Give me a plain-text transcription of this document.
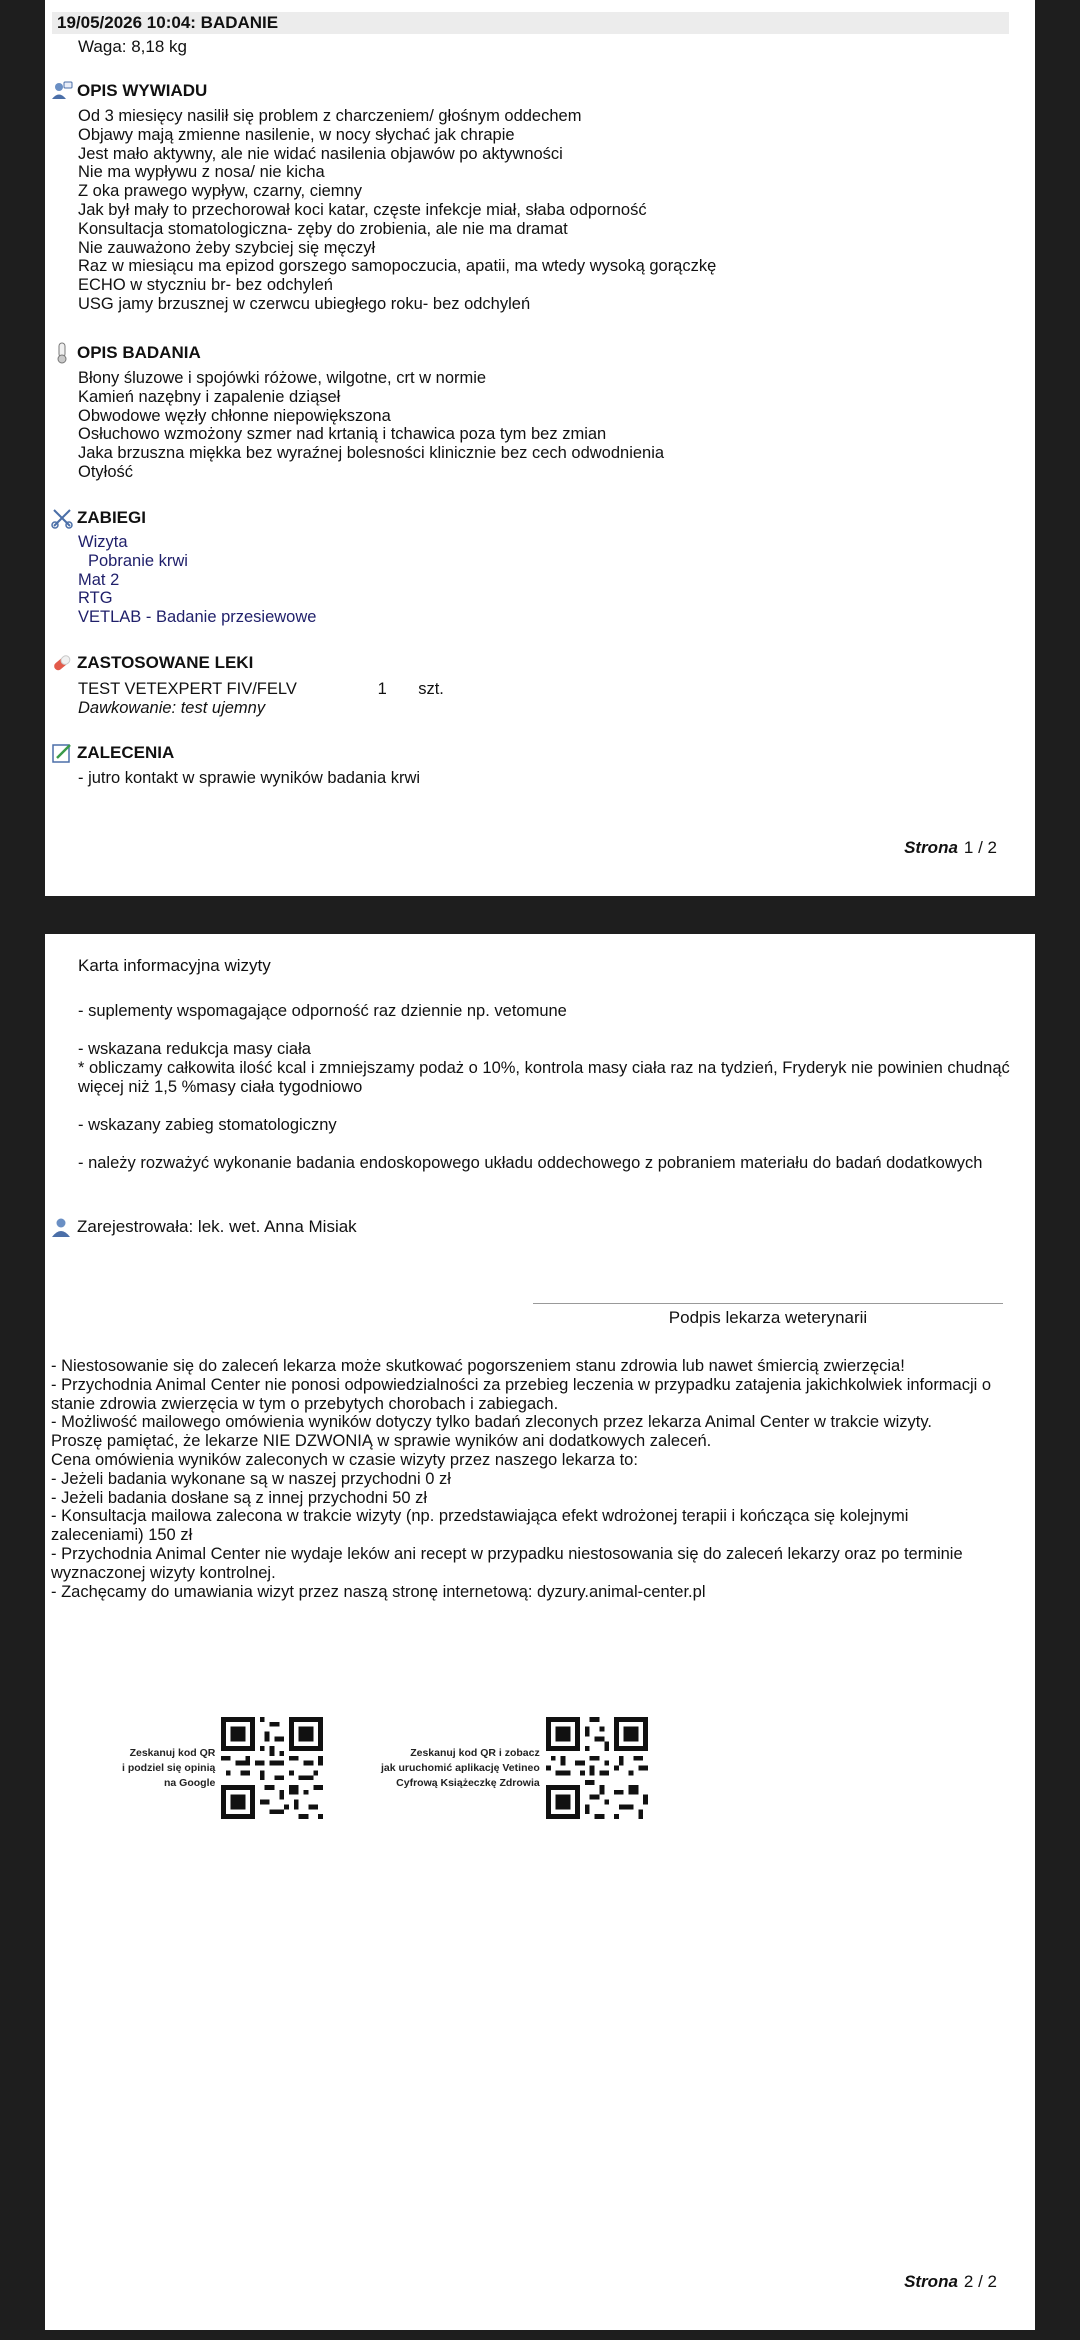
19/05/2026 10:04: BADANIE
Waga: 8,18 kg
OPIS WYWIADU
Od 3 miesięcy nasilił się problem z charczeniem/ głośnym oddechem
Objawy mają zmienne nasilenie, w nocy słychać jak chrapie
Jest mało aktywny, ale nie widać nasilenia objawów po aktywności
Nie ma wypływu z nosa/ nie kicha
Z oka prawego wypływ, czarny, ciemny
Jak był mały to przechorował koci katar, częste infekcje miał, słaba odporność
Konsultacja stomatologiczna- zęby do zrobienia, ale nie ma dramat
Nie zauważono żeby szybciej się męczył
Raz w miesiącu ma epizod gorszego samopoczucia, apatii, ma wtedy wysoką gorączkę
ECHO w styczniu br- bez odchyleń
USG jamy brzusznej w czerwcu ubiegłego roku- bez odchyleń
OPIS BADANIA
Błony śluzowe i spojówki różowe, wilgotne, crt w normie
Kamień nazębny i zapalenie dziąseł
Obwodowe węzły chłonne niepowiększona
Osłuchowo wzmożony szmer nad krtanią i tchawica poza tym bez zmian
Jaka brzuszna miękka bez wyraźnej bolesności klinicznie bez cech odwodnienia
Otyłość
ZABIEGI
Wizyta
Pobranie krwi
Mat 2
RTG
VETLAB - Badanie przesiewowe
ZASTOSOWANE LEKI
TEST VETEXPERT FIV/FELV	1 szt.
Dawkowanie: test ujemny
ZALECENIA
- jutro kontakt w sprawie wyników badania krwi
Strona 1 / 2
Karta informacyjna wizyty
- suplementy wspomagające odporność raz dziennie np. vetomune
- wskazana redukcja masy ciała
* obliczamy całkowita ilość kcal i zmniejszamy podaż o 10%, kontrola masy ciała raz na tydzień, Fryderyk nie powinien chudnąć więcej niż 1,5 %masy ciała tygodniowo
- wskazany zabieg stomatologiczny
- należy rozważyć wykonanie badania endoskopowego układu oddechowego z pobraniem materiału do badań dodatkowych
Zarejestrowała: lek. wet. Anna Misiak
Podpis lekarza weterynarii
- Niestosowanie się do zaleceń lekarza może skutkować pogorszeniem stanu zdrowia lub nawet śmiercią zwierzęcia!
- Przychodnia Animal Center nie ponosi odpowiedzialności za przebieg leczenia w przypadku zatajenia jakichkolwiek informacji o stanie zdrowia zwierzęcia w tym o przebytych chorobach i zabiegach.
- Możliwość mailowego omówienia wyników dotyczy tylko badań zleconych przez lekarza Animal Center w trakcie wizyty.
Proszę pamiętać, że lekarze NIE DZWONIĄ w sprawie wyników ani dodatkowych zaleceń.
Cena omówienia wyników zaleconych w czasie wizyty przez naszego lekarza to:
- Jeżeli badania wykonane są w naszej przychodni 0 zł
- Jeżeli badania dosłane są z innej przychodni 50 zł
- Konsultacja mailowa zalecona w trakcie wizyty (np. przedstawiająca efekt wdrożonej terapii i kończąca się kolejnymi zaleceniami) 150 zł
- Przychodnia Animal Center nie wydaje leków ani recept w przypadku niestosowania się do zaleceń lekarzy oraz po terminie wyznaczonej wizyty kontrolnej.
- Zachęcamy do umawiania wizyt przez naszą stronę internetową: dyzury.animal-center.pl
Zeskanuj kod QR
i podziel się opinią
na Google
Zeskanuj kod QR i zobacz
jak uruchomić aplikację Vetineo
Cyfrową Książeczkę Zdrowia
Strona 2 / 2
